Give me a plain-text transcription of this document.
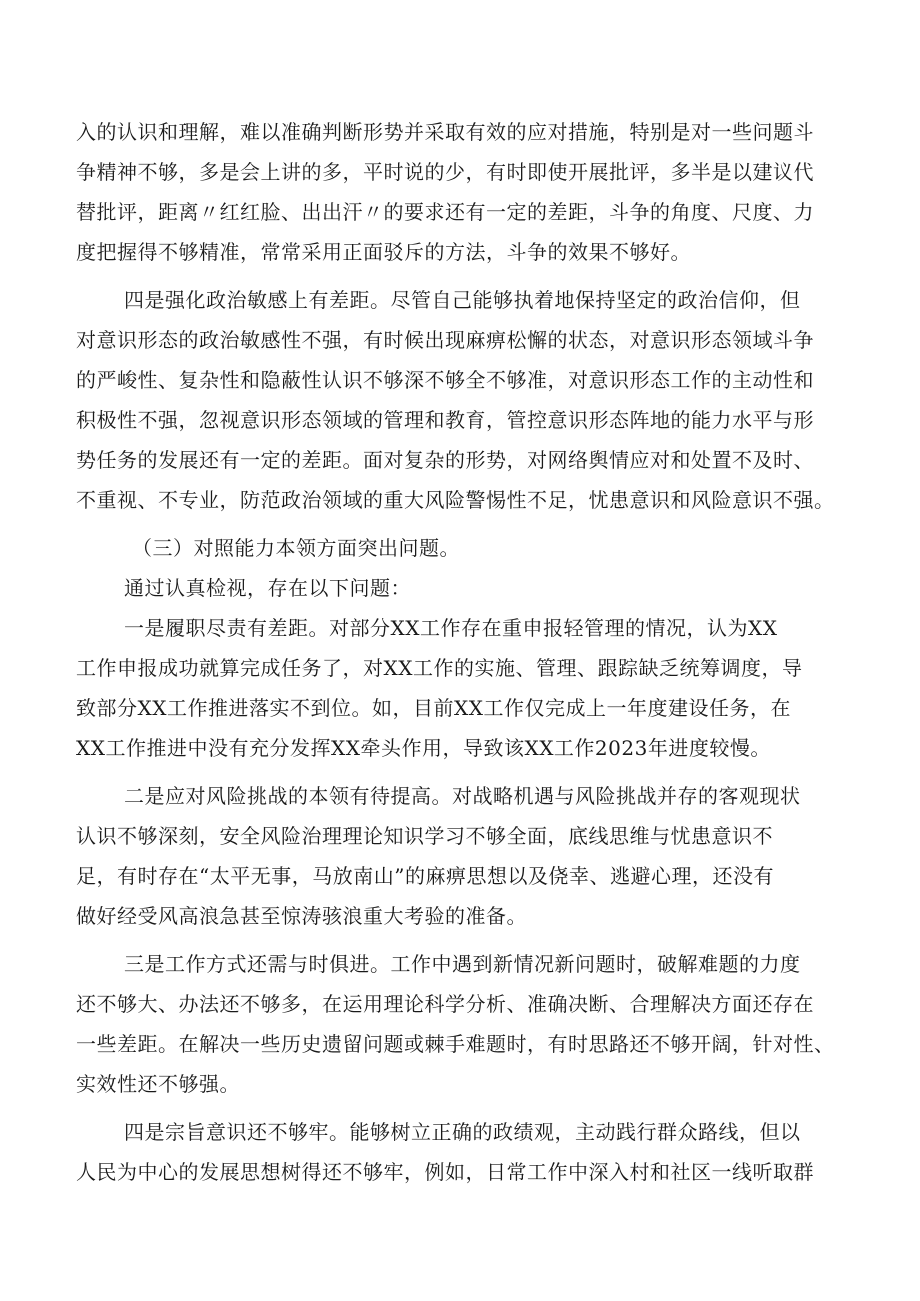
入的认识和理解，难以准确判断形势并采取有效的应对措施，特别是对一些问题斗
争精神不够，多是会上讲的多，平时说的少，有时即使开展批评，多半是以建议代
替批评，距离〃红红脸、出出汗〃的要求还有一定的差距，斗争的角度、尺度、力
度把握得不够精准，常常采用正面驳斥的方法，斗争的效果不够好。
四是强化政治敏感上有差距。尽管自己能够执着地保持坚定的政治信仰，但
对意识形态的政治敏感性不强，有时候出现麻痹松懈的状态，对意识形态领域斗争
的严峻性、复杂性和隐蔽性认识不够深不够全不够准，对意识形态工作的主动性和
积极性不强，忽视意识形态领域的管理和教育，管控意识形态阵地的能力水平与形
势任务的发展还有一定的差距。面对复杂的形势，对网络舆情应对和处置不及时、
不重视、不专业，防范政治领域的重大风险警惕性不足，忧患意识和风险意识不强。
（三）对照能力本领方面突出问题。
通过认真检视，存在以下问题：
一是履职尽责有差距。对部分XX工作存在重申报轻管理的情况，认为XX
工作申报成功就算完成任务了，对XX工作的实施、管理、跟踪缺乏统筹调度，导
致部分XX工作推进落实不到位。如，目前XX工作仅完成上一年度建设任务，在
XX工作推进中没有充分发挥XX牵头作用，导致该XX工作2023年进度较慢。
二是应对风险挑战的本领有待提高。对战略机遇与风险挑战并存的客观现状
认识不够深刻，安全风险治理理论知识学习不够全面，底线思维与忧患意识不
足，有时存在“太平无事，马放南山”的麻痹思想以及侥幸、逃避心理，还没有
做好经受风高浪急甚至惊涛骇浪重大考验的准备。
三是工作方式还需与时俱进。工作中遇到新情况新问题时，破解难题的力度
还不够大、办法还不够多，在运用理论科学分析、准确决断、合理解决方面还存在
一些差距。在解决一些历史遗留问题或棘手难题时，有时思路还不够开阔，针对性、
实效性还不够强。
四是宗旨意识还不够牢。能够树立正确的政绩观，主动践行群众路线，但以
人民为中心的发展思想树得还不够牢，例如，日常工作中深入村和社区一线听取群
